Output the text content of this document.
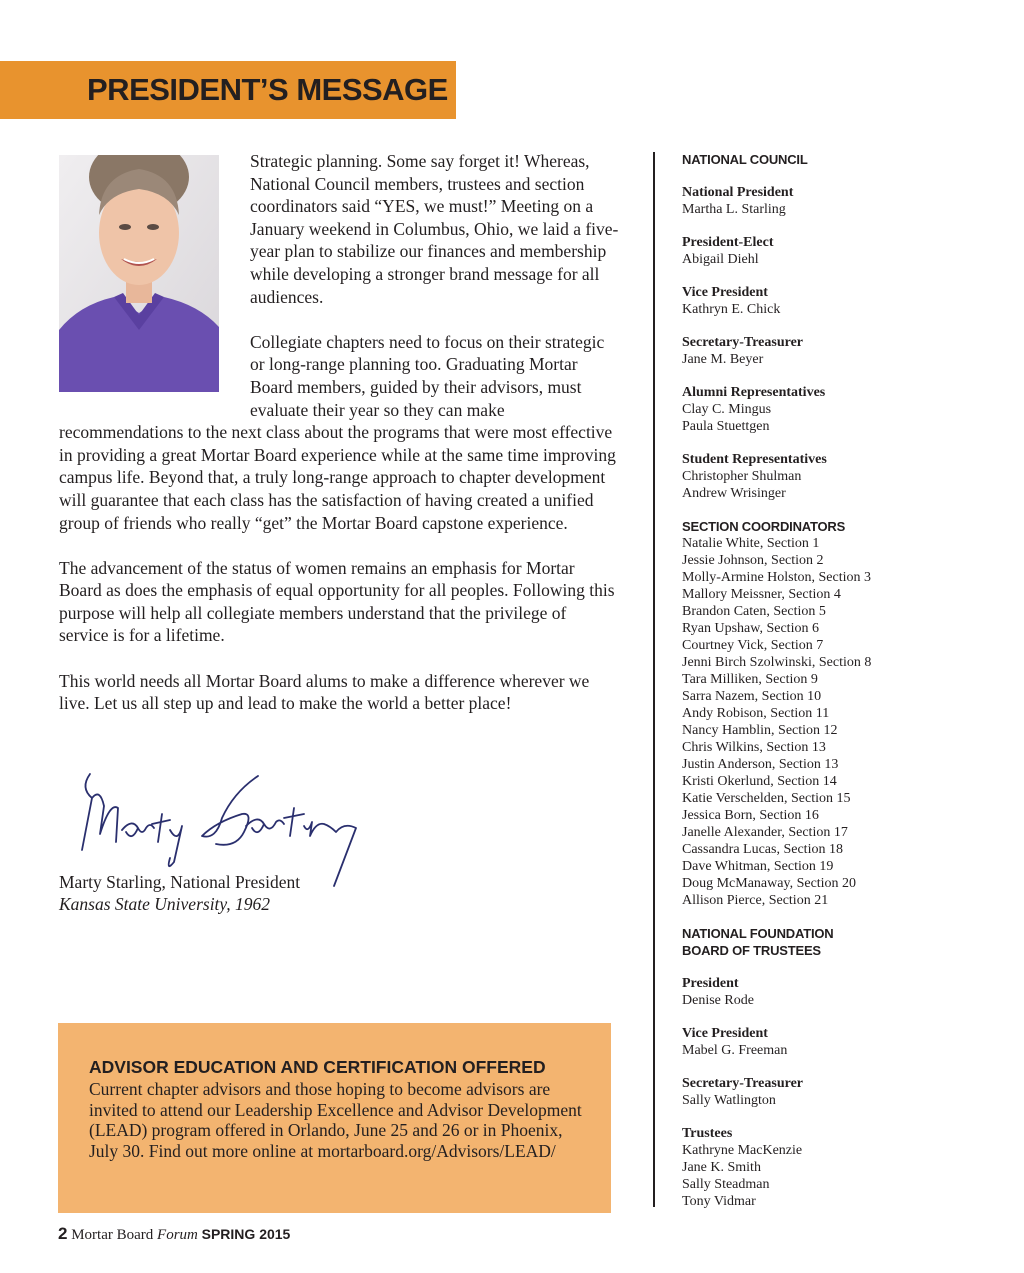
PRESIDENT’S MESSAGE

Strategic planning. Some say forget it! Whereas, National Council members, trustees and section coordinators said “YES, we must!” Meeting on a January weekend in Columbus, Ohio, we laid a five-year plan to stabilize our finances and membership while developing a stronger brand message for all audiences.

Collegiate chapters need to focus on their strategic or long-range planning too. Graduating Mortar Board members, guided by their advisors, must evaluate their year so they can make recommendations to the next class about the programs that were most effective in providing a great Mortar Board experience while at the same time improving campus life. Beyond that, a truly long-range approach to chapter development will guarantee that each class has the satisfaction of having created a unified group of friends who really “get” the Mortar Board capstone experience.

The advancement of the status of women remains an emphasis for Mortar Board as does the emphasis of equal opportunity for all peoples. Following this purpose will help all collegiate members understand that the privilege of service is for a lifetime.

This world needs all Mortar Board alums to make a difference wherever we live. Let us all step up and lead to make the world a better place!

Marty Starling, National President
Kansas State University, 1962
ADVISOR EDUCATION AND CERTIFICATION OFFERED

Current chapter advisors and those hoping to become advisors are invited to attend our Leadership Excellence and Advisor Development (LEAD) program offered in Orlando, June 25 and 26 or in Phoenix, July 30. Find out more online at mortarboard.org/Advisors/LEAD/

2 Mortar Board Forum SPRING 2015
NATIONAL COUNCIL
National President
Martha L. Starling
President-Elect
Abigail Diehl
Vice President
Kathryn E. Chick
Secretary-Treasurer
Jane M. Beyer
Alumni Representatives
Clay C. Mingus
Paula Stuettgen
Student Representatives
Christopher Shulman
Andrew Wrisinger
SECTION COORDINATORS
Natalie White, Section 1
Jessie Johnson, Section 2
Molly-Armine Holston, Section 3
Mallory Meissner, Section 4
Brandon Caten, Section 5
Ryan Upshaw, Section 6
Courtney Vick, Section 7
Jenni Birch Szolwinski, Section 8
Tara Milliken, Section 9
Sarra Nazem, Section 10
Andy Robison, Section 11
Nancy Hamblin, Section 12
Chris Wilkins, Section 13
Justin Anderson, Section 13
Kristi Okerlund, Section 14
Katie Verschelden, Section 15
Jessica Born, Section 16
Janelle Alexander, Section 17
Cassandra Lucas, Section 18
Dave Whitman, Section 19
Doug McManaway, Section 20
Allison Pierce, Section 21
NATIONAL FOUNDATION
BOARD OF TRUSTEES
President
Denise Rode
Vice President
Mabel G. Freeman
Secretary-Treasurer
Sally Watlington
Trustees
Kathryne MacKenzie
Jane K. Smith
Sally Steadman
Tony Vidmar
